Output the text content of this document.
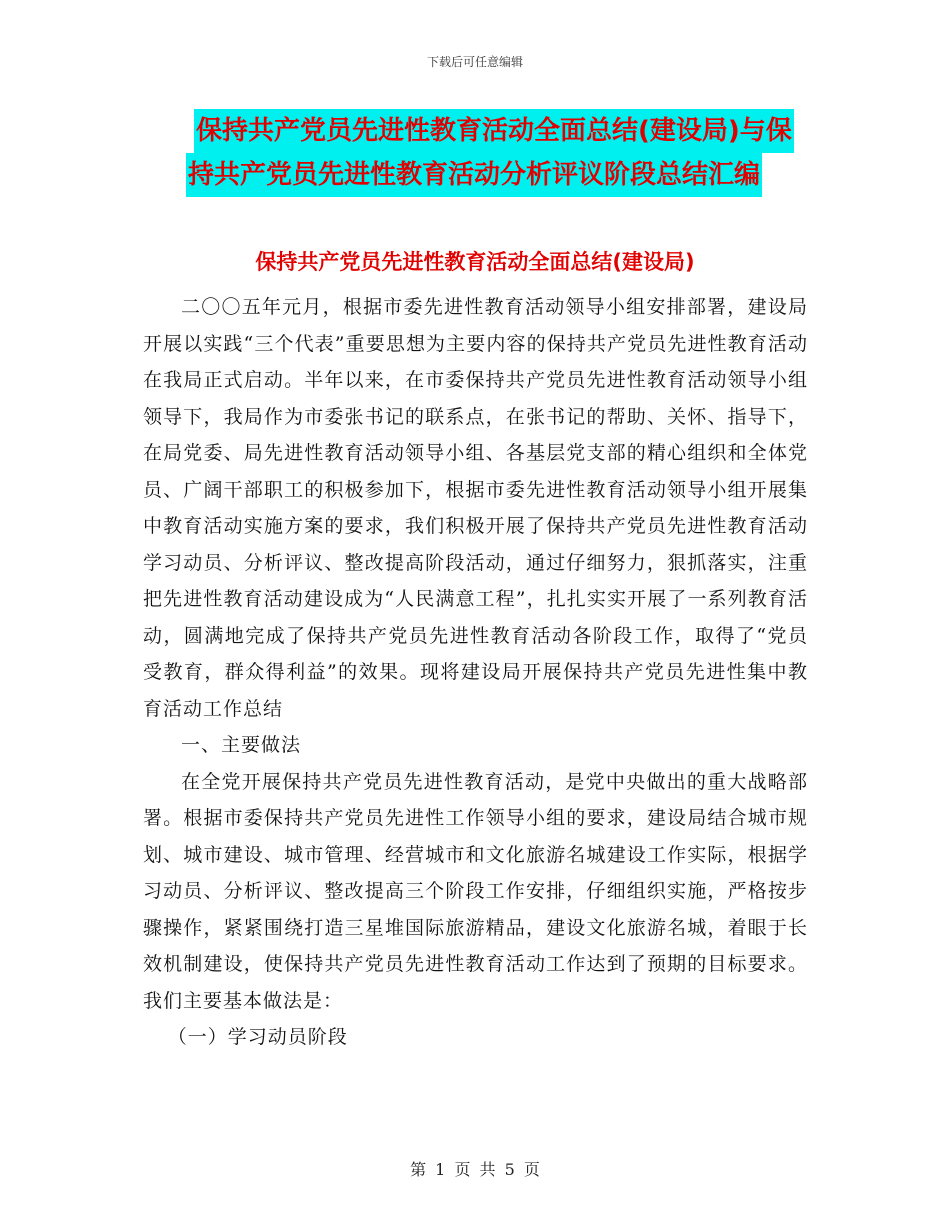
下载后可任意编辑
保持共产党员先进性教育活动全面总结(建设局)与保
持共产党员先进性教育活动分析评议阶段总结汇编
保持共产党员先进性教育活动全面总结(建设局)

二〇〇五年元月，根据市委先进性教育活动领导小组安排部署，建设局开展以实践“三个代表”重要思想为主要内容的保持共产党员先进性教育活动在我局正式启动。半年以来，在市委保持共产党员先进性教育活动领导小组领导下，我局作为市委张书记的联系点，在张书记的帮助、关怀、指导下，在局党委、局先进性教育活动领导小组、各基层党支部的精心组织和全体党员、广阔干部职工的积极参加下，根据市委先进性教育活动领导小组开展集中教育活动实施方案的要求，我们积极开展了保持共产党员先进性教育活动学习动员、分析评议、整改提高阶段活动，通过仔细努力，狠抓落实，注重把先进性教育活动建设成为“人民满意工程”，扎扎实实开展了一系列教育活动，圆满地完成了保持共产党员先进性教育活动各阶段工作，取得了“党员受教育，群众得利益”的效果。现将建设局开展保持共产党员先进性集中教育活动工作总结

一、主要做法

在全党开展保持共产党员先进性教育活动，是党中央做出的重大战略部署。根据市委保持共产党员先进性工作领导小组的要求，建设局结合城市规划、城市建设、城市管理、经营城市和文化旅游名城建设工作实际，根据学习动员、分析评议、整改提高三个阶段工作安排，仔细组织实施，严格按步骤操作，紧紧围绕打造三星堆国际旅游精品，建设文化旅游名城，着眼于长效机制建设，使保持共产党员先进性教育活动工作达到了预期的目标要求。我们主要基本做法是：

（一）学习动员阶段

第 1 页 共 5 页
